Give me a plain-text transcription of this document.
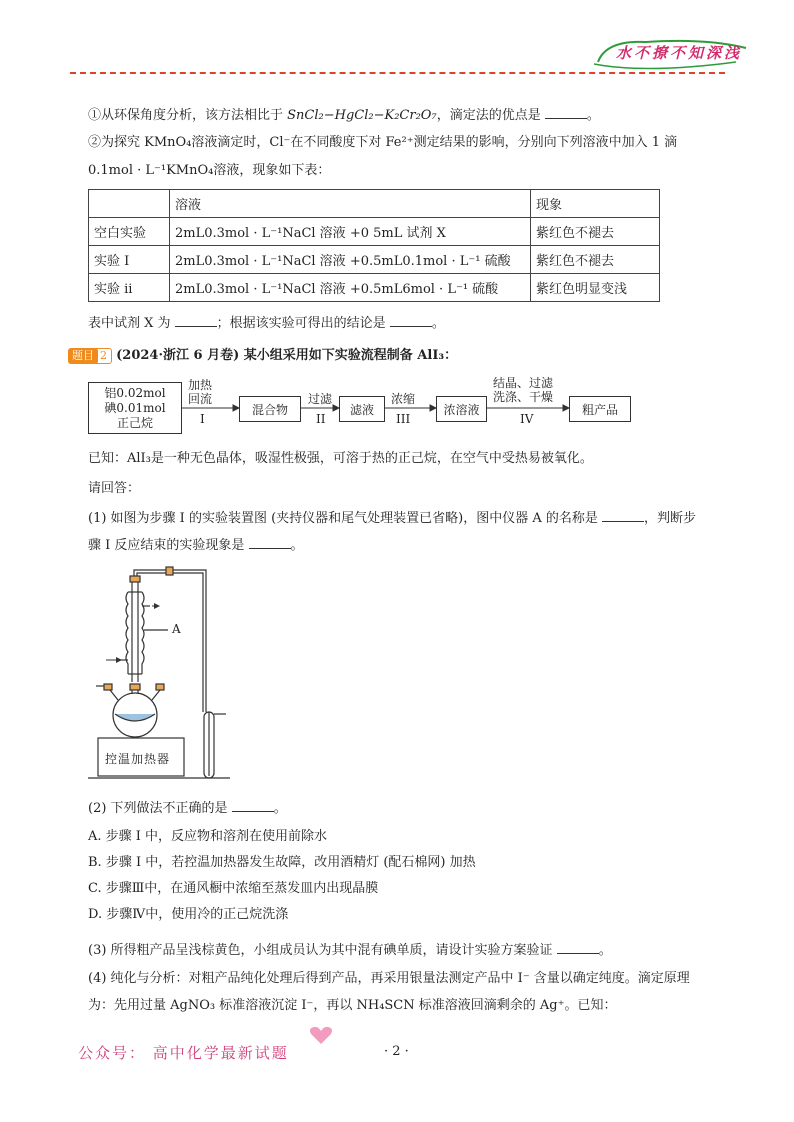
水不撩不知深浅
①从环保角度分析，该方法相比于 SnCl₂−HgCl₂−K₂Cr₂O₇，滴定法的优点是	。
②为探究 KMnO₄溶液滴定时，Cl⁻在不同酸度下对 Fe²⁺测定结果的影响，分别向下列溶液中加入 1 滴
0.1mol · L⁻¹KMnO₄溶液，现象如下表：
	溶液	现象
空白实验	2mL0.3mol · L⁻¹NaCl 溶液 +0 5mL 试剂 X	紫红色不褪去
实验 I	2mL0.3mol · L⁻¹NaCl 溶液 +0.5mL0.1mol · L⁻¹ 硫酸	紫红色不褪去
实验 ii	2mL0.3mol · L⁻¹NaCl 溶液 +0.5mL6mol · L⁻¹ 硫酸	紫红色明显变浅
表中试剂 X 为	；根据该实验可得出的结论是	。
题目 2 (2024·浙江 6 月卷) 某小组采用如下实验流程制备 AlI₃：
铝0.02mol
碘0.01mol
正己烷
加热
回流
I
混合物
过滤
II
滤液
浓缩
III
浓溶液
结晶、过滤
洗涤、干燥
IV
粗产品
已知：AlI₃是一种无色晶体，吸湿性极强，可溶于热的正己烷，在空气中受热易被氧化。
请回答：
(1) 如图为步骤 I 的实验装置图 (夹持仪器和尾气处理装置已省略)，图中仪器 A 的名称是	，判断步
骤 I 反应结束的实验现象是	。
A
控温加热器
(2) 下列做法不正确的是	。
A. 步骤 I 中，反应物和溶剂在使用前除水
B. 步骤 I 中，若控温加热器发生故障，改用酒精灯 (配石棉网) 加热
C. 步骤Ⅲ中，在通风橱中浓缩至蒸发皿内出现晶膜
D. 步骤Ⅳ中，使用冷的正己烷洗涤
(3) 所得粗产品呈浅棕黄色，小组成员认为其中混有碘单质，请设计实验方案验证	。
(4) 纯化与分析：对粗产品纯化处理后得到产品，再采用银量法测定产品中 I⁻ 含量以确定纯度。滴定原理
为：先用过量 AgNO₃ 标准溶液沉淀 I⁻，再以 NH₄SCN 标准溶液回滴剩余的 Ag⁺。已知：
公众号： 高中化学最新试题	· 2 ·
